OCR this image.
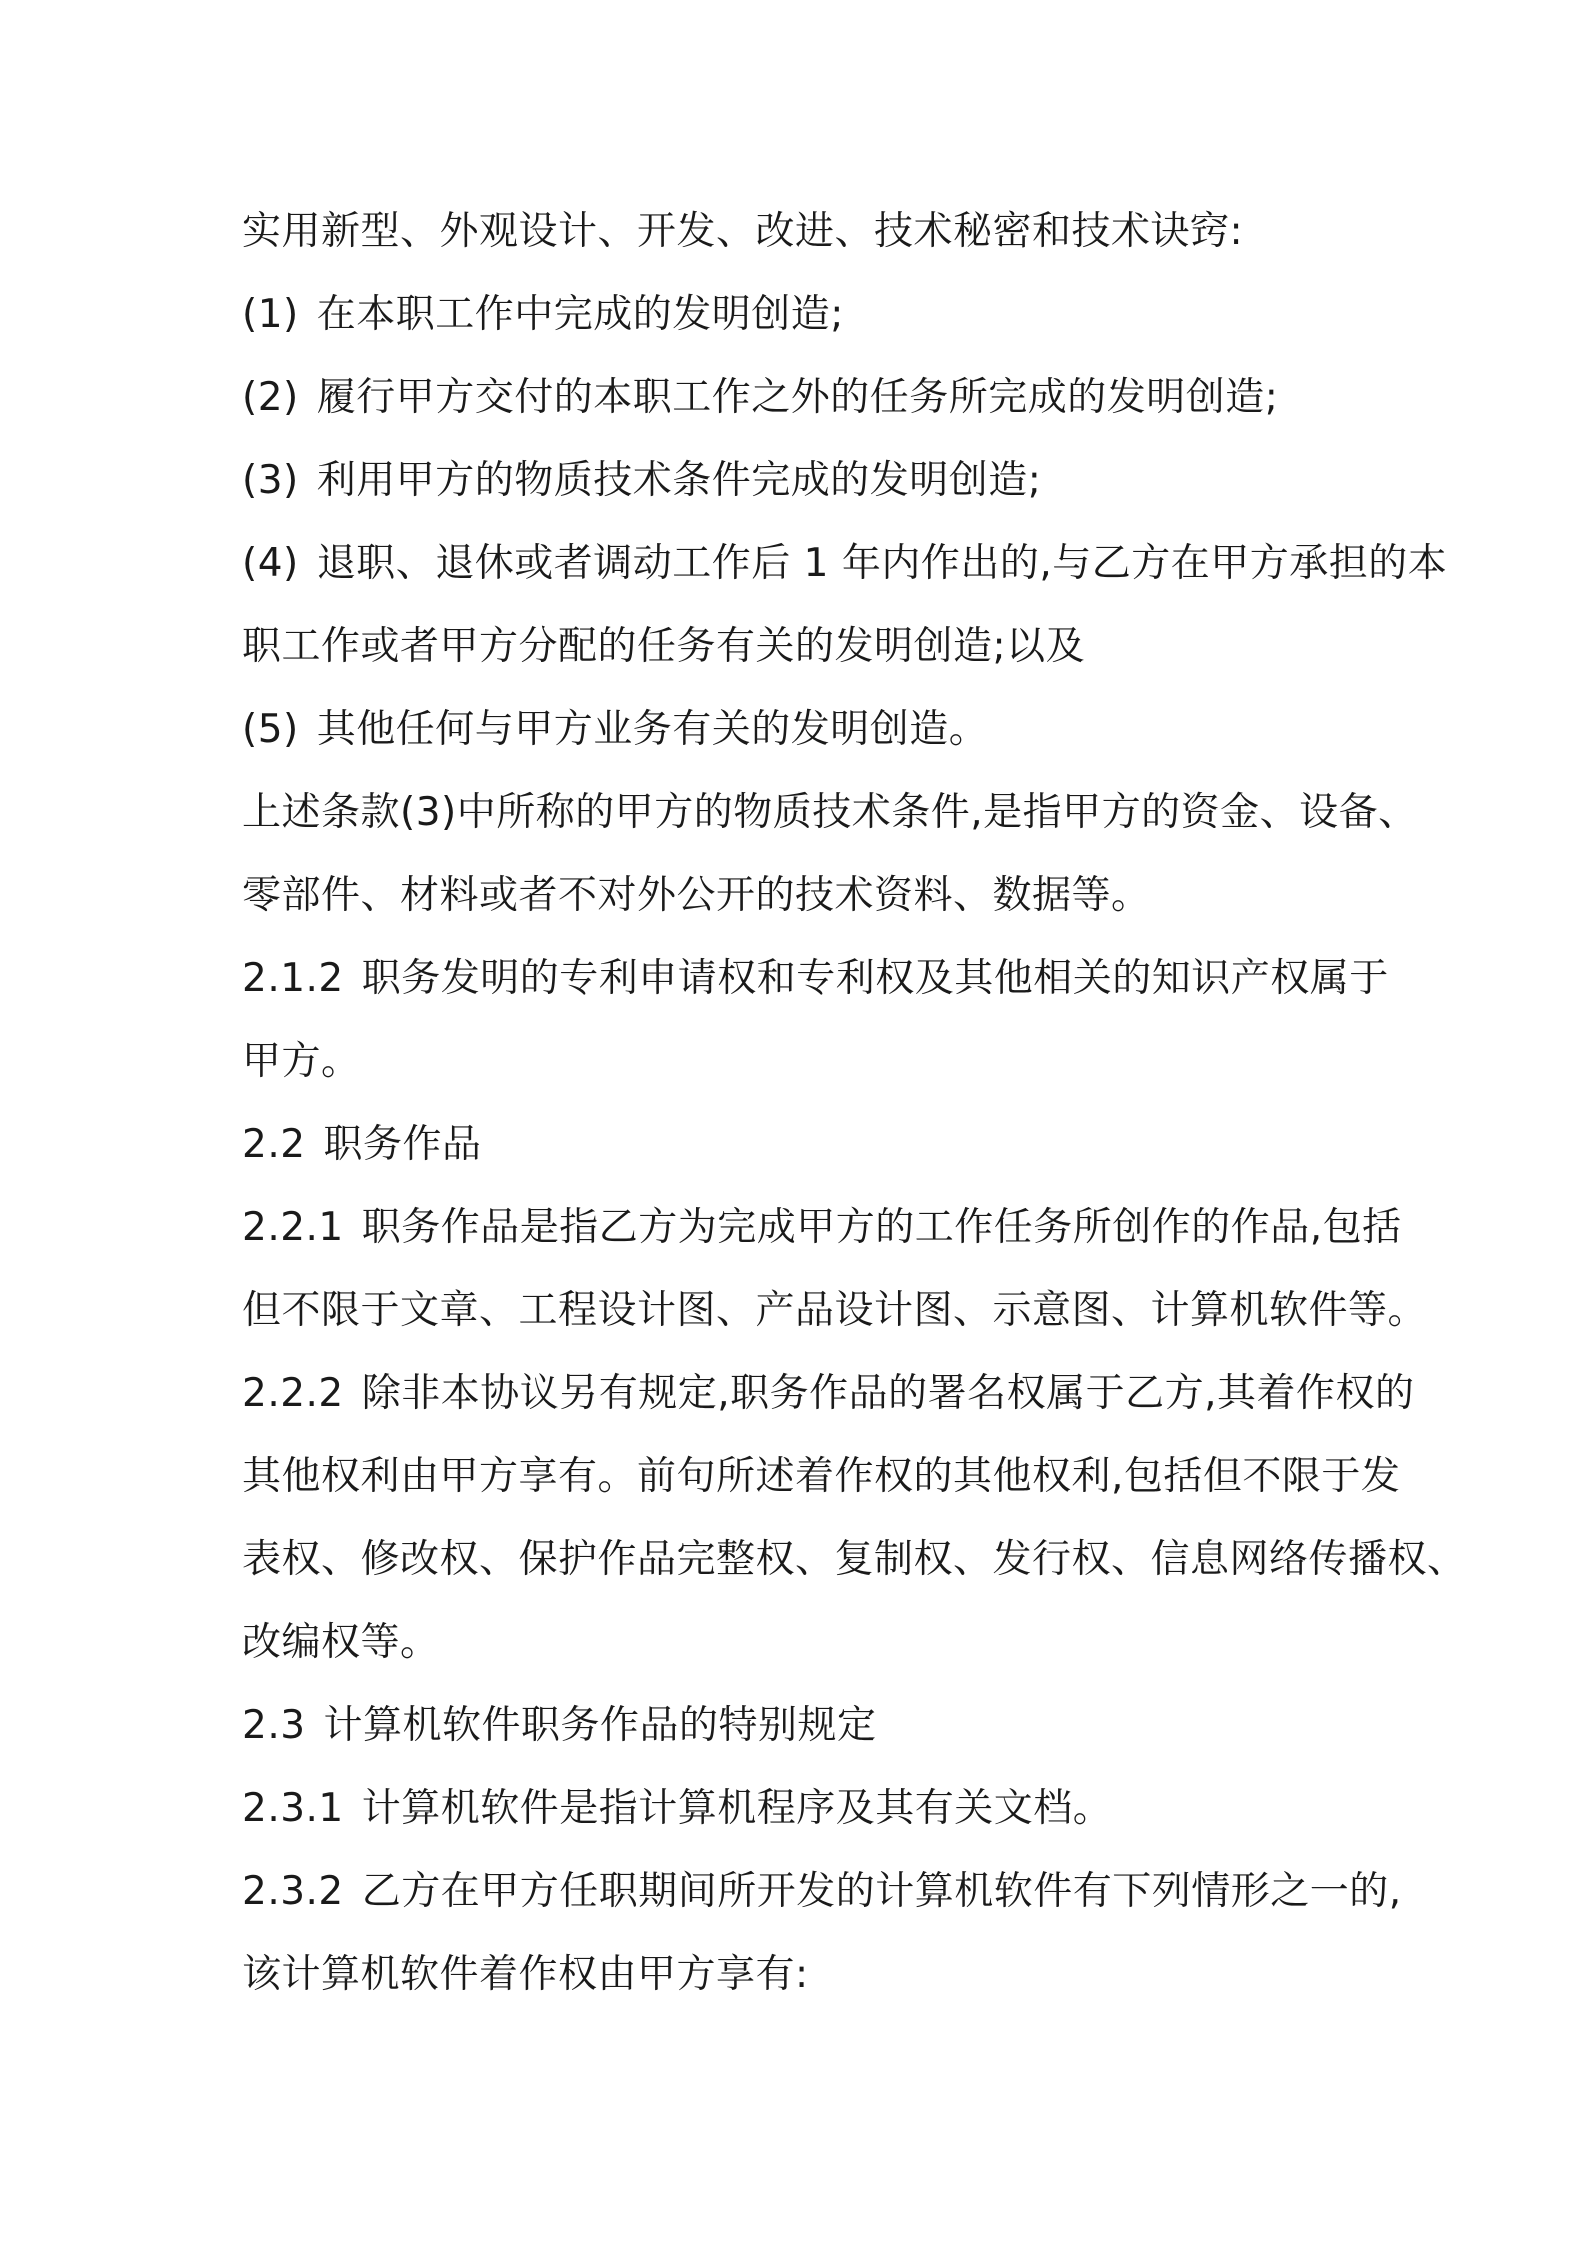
实用新型、外观设计、开发、改进、技术秘密和技术诀窍:
(1) 在本职工作中完成的发明创造;
(2) 履行甲方交付的本职工作之外的任务所完成的发明创造;
(3) 利用甲方的物质技术条件完成的发明创造;
(4) 退职、退休或者调动工作后 1 年内作出的,与乙方在甲方承担的本
职工作或者甲方分配的任务有关的发明创造;以及
(5) 其他任何与甲方业务有关的发明创造。
上述条款(3)中所称的甲方的物质技术条件,是指甲方的资金、设备、
零部件、材料或者不对外公开的技术资料、数据等。
2.1.2 职务发明的专利申请权和专利权及其他相关的知识产权属于
甲方。
2.2 职务作品
2.2.1 职务作品是指乙方为完成甲方的工作任务所创作的作品,包括
但不限于文章、工程设计图、产品设计图、示意图、计算机软件等。
2.2.2 除非本协议另有规定,职务作品的署名权属于乙方,其着作权的
其他权利由甲方享有。前句所述着作权的其他权利,包括但不限于发
表权、修改权、保护作品完整权、复制权、发行权、信息网络传播权、
改编权等。
2.3 计算机软件职务作品的特别规定
2.3.1 计算机软件是指计算机程序及其有关文档。
2.3.2 乙方在甲方任职期间所开发的计算机软件有下列情形之一的,
该计算机软件着作权由甲方享有:
